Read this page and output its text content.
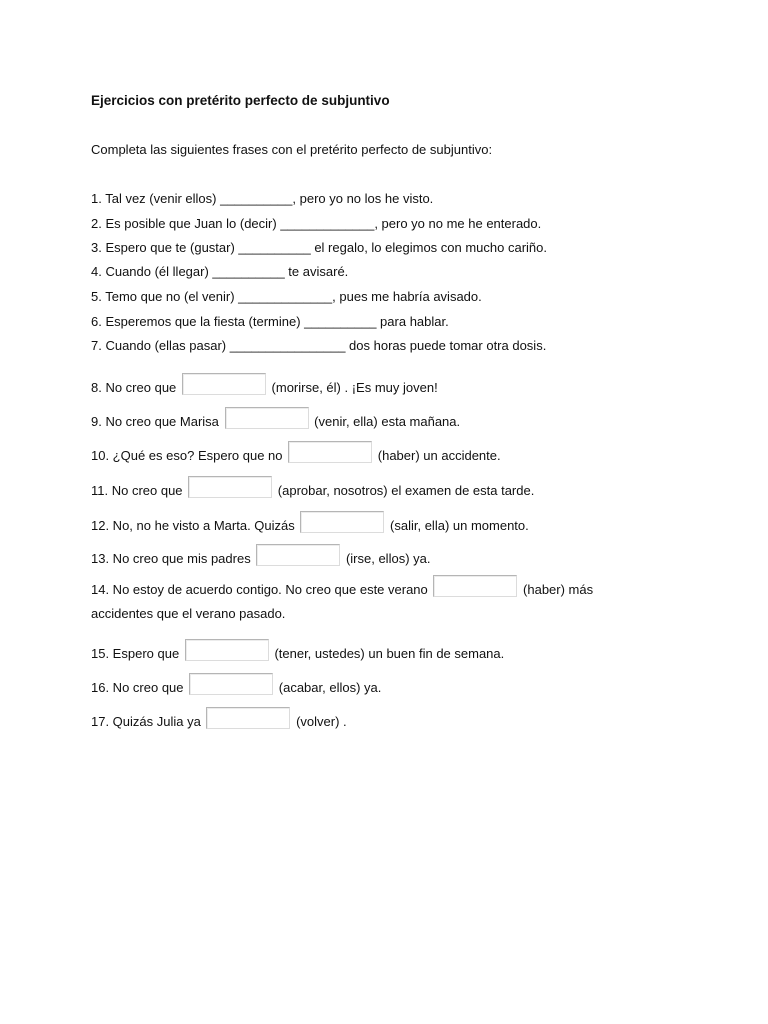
Ejercicios con pretérito perfecto de subjuntivo
Completa las siguientes frases con el pretérito perfecto de subjuntivo:
1. Tal vez (venir ellos) __________, pero yo no los he visto.
2. Es posible que Juan lo (decir) _____________, pero yo no me he enterado.
3. Espero que te (gustar) __________ el regalo, lo elegimos con mucho cariño.
4. Cuando (él llegar) __________ te avisaré.
5. Temo que no (el venir) _____________, pues me habría avisado.
6. Esperemos que la fiesta (termine) __________ para hablar.
7. Cuando (ellas pasar) ________________ dos horas puede tomar otra dosis.
8. No creo que	(morirse, él) . ¡Es muy joven!
9. No creo que Marisa	(venir, ella) esta mañana.
10. ¿Qué es eso? Espero que no	(haber) un accidente.
11. No creo que	(aprobar, nosotros) el examen de esta tarde.
12. No, no he visto a Marta. Quizás	(salir, ella) un momento.
13. No creo que mis padres	(irse, ellos) ya.
14. No estoy de acuerdo contigo. No creo que este verano	(haber) más accidentes que el verano pasado.
15. Espero que	(tener, ustedes) un buen fin de semana.
16. No creo que	(acabar, ellos) ya.
17. Quizás Julia ya	(volver) .
